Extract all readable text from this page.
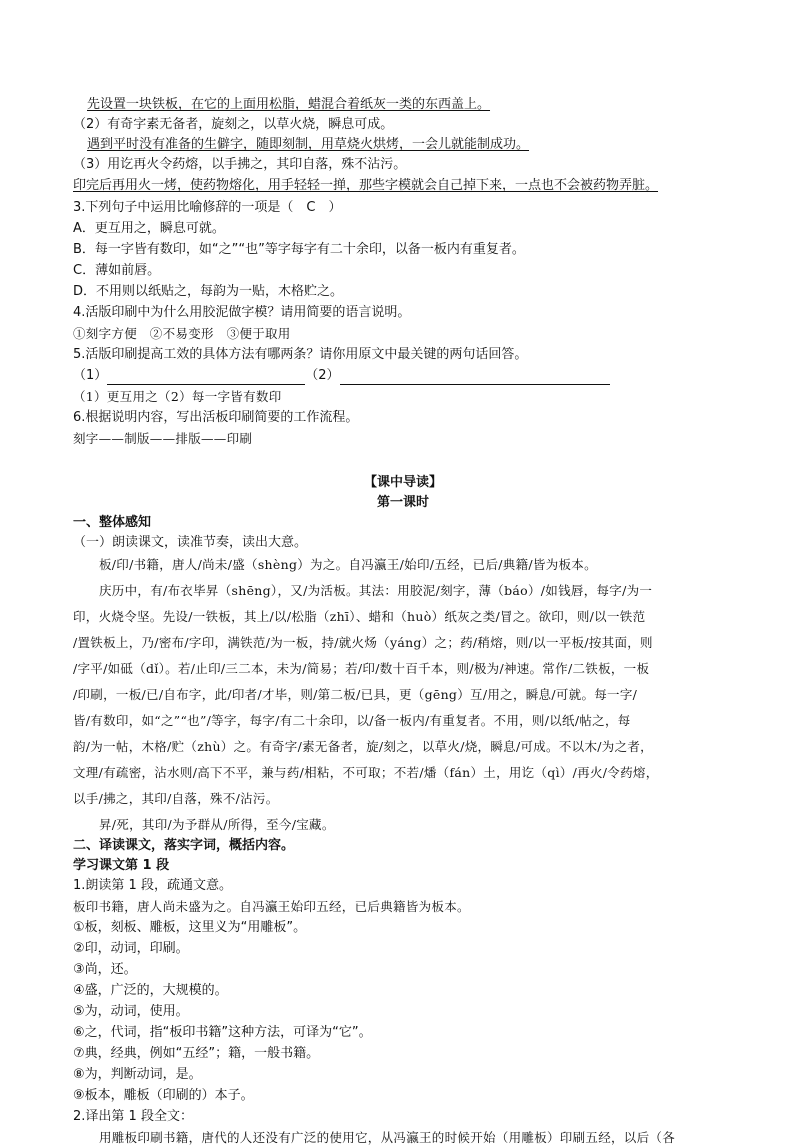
先设置一块铁板，在它的上面用松脂，蜡混合着纸灰一类的东西盖上。
（2）有奇字素无备者，旋刻之，以草火烧，瞬息可成。
遇到平时没有准备的生僻字，随即刻制，用草烧火烘烤，一会儿就能制成功。
（3）用讫再火令药熔，以手拂之，其印自落，殊不沾污。
印完后再用火一烤，使药物熔化，用手轻轻一掸，那些字模就会自己掉下来，一点也不会被药物弄脏。
3.下列句子中运用比喻修辞的一项是（　C　）
A．更互用之，瞬息可就。
B．每一字皆有数印，如“之”“也”等字每字有二十余印，以备一板内有重复者。
C．薄如前唇。
D．不用则以纸贴之，每韵为一贴，木格贮之。
4.活版印刷中为什么用胶泥做字模？请用简要的语言说明。
①刻字方便　②不易变形　③便于取用
5.活版印刷提高工效的具体方法有哪两条？请你用原文中最关键的两句话回答。
（1）	（2）
（1）更互用之（2）每一字皆有数印
6.根据说明内容，写出活板印刷简要的工作流程。
刻字——制版——排版——印刷
【课中导读】
第一课时
一、整体感知
（一）朗读课文，读准节奏，读出大意。
板/印/书籍，唐人/尚未/盛（shèng）为之。自冯瀛王/始印/五经，已后/典籍/皆为板本。
庆历中，有/布衣毕昇（shēng），又/为活板。其法：用胶泥/刻字，薄（báo）/如钱唇，每字/为一
印，火烧令坚。先设/一铁板，其上/以/松脂（zhī）、蜡和（huò）纸灰之类/冒之。欲印，则/以一铁范
/置铁板上，乃/密布/字印，满铁范/为一板，持/就火炀（yáng）之；药/稍熔，则/以一平板/按其面，则
/字平/如砥（dǐ）。若/止印/三二本，未为/简易；若/印/数十百千本，则/极为/神速。常作/二铁板，一板
/印刷，一板/已/自布字，此/印者/才毕，则/第二板/已具，更（gēng）互/用之，瞬息/可就。每一字/
皆/有数印，如“之”“也”/等字，每字/有二十余印，以/备一板内/有重复者。不用，则/以纸/帖之，每
韵/为一帖，木格/贮（zhù）之。有奇字/素无备者，旋/刻之，以草火/烧，瞬息/可成。不以木/为之者，
文理/有疏密，沾水则/高下不平，兼与药/相粘，不可取；不若/燔（fán）土，用讫（qì）/再火/令药熔，
以手/拂之，其印/自落，殊不/沾污。
昇/死，其印/为予群从/所得，至今/宝藏。
二、译读课文，落实字词，概括内容。
学习课文第 1 段
1.朗读第 1 段，疏通文意。
板印书籍，唐人尚未盛为之。自冯瀛王始印五经，已后典籍皆为板本。
①板，刻板、雕板，这里义为“用雕板”。
②印，动词，印刷。
③尚，还。
④盛，广泛的，大规模的。
⑤为，动词，使用。
⑥之，代词，指“板印书籍”这种方法，可译为“它”。
⑦典，经典，例如“五经”；籍，一般书籍。
⑧为，判断动词，是。
⑨板本，雕板（印刷的）本子。
2.译出第 1 段全文：
用雕板印刷书籍，唐代的人还没有广泛的使用它，从冯瀛王的时候开始（用雕板）印刷五经，以后（各
